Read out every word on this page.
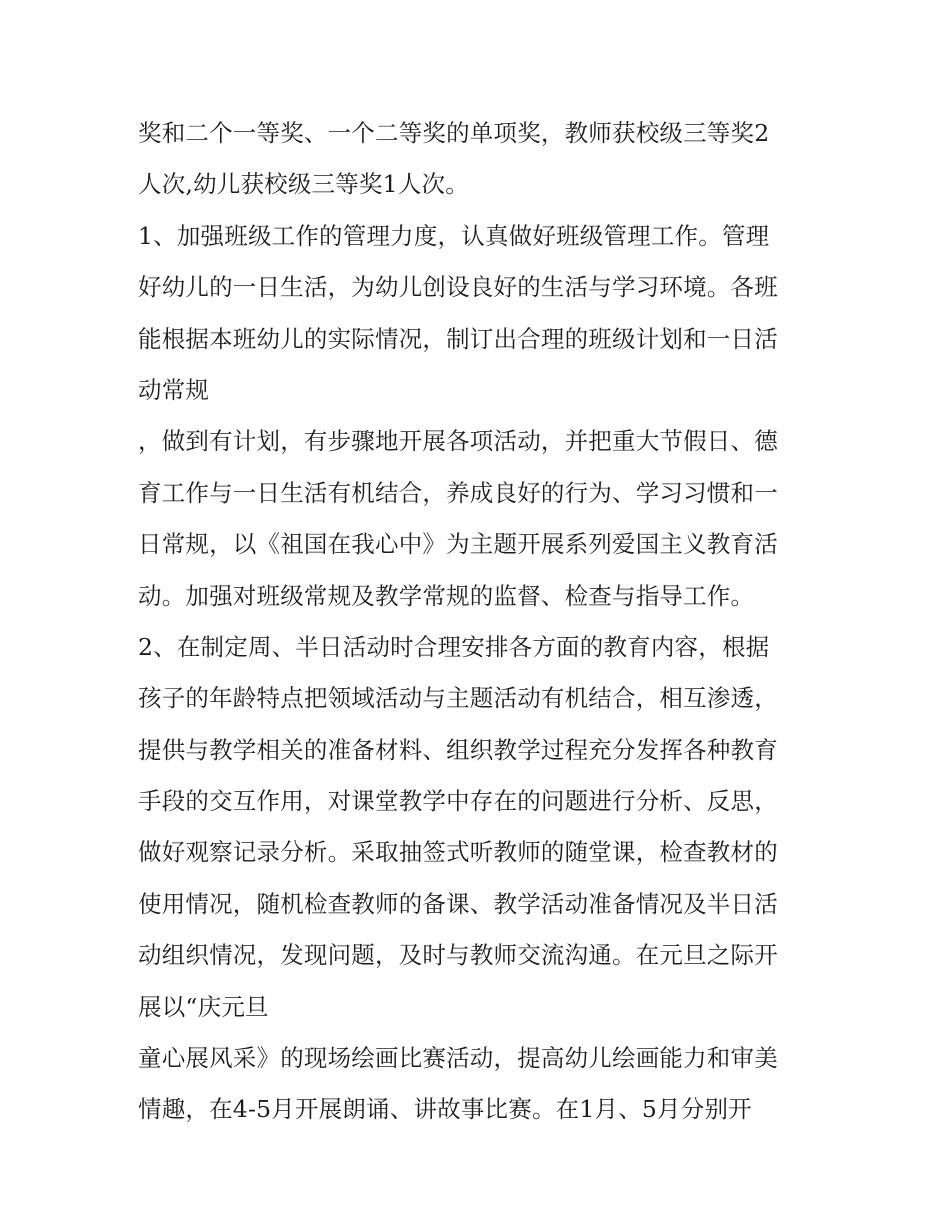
奖和二个一等奖、一个二等奖的单项奖，教师获校级三等奖2
人次,幼儿获校级三等奖1人次。
1、加强班级工作的管理力度，认真做好班级管理工作。管理
好幼儿的一日生活，为幼儿创设良好的生活与学习环境。各班
能根据本班幼儿的实际情况，制订出合理的班级计划和一日活
动常规
，做到有计划，有步骤地开展各项活动，并把重大节假日、德
育工作与一日生活有机结合，养成良好的行为、学习习惯和一
日常规，以《祖国在我心中》为主题开展系列爱国主义教育活
动。加强对班级常规及教学常规的监督、检查与指导工作。
2、在制定周、半日活动时合理安排各方面的教育内容，根据
孩子的年龄特点把领域活动与主题活动有机结合，相互渗透，
提供与教学相关的准备材料、组织教学过程充分发挥各种教育
手段的交互作用，对课堂教学中存在的问题进行分析、反思，
做好观察记录分析。采取抽签式听教师的随堂课，检查教材的
使用情况，随机检查教师的备课、教学活动准备情况及半日活
动组织情况，发现问题，及时与教师交流沟通。在元旦之际开
展以“庆元旦
童心展风采》的现场绘画比赛活动，提高幼儿绘画能力和审美
情趣，在4-5月开展朗诵、讲故事比赛。在1月、5月分别开
